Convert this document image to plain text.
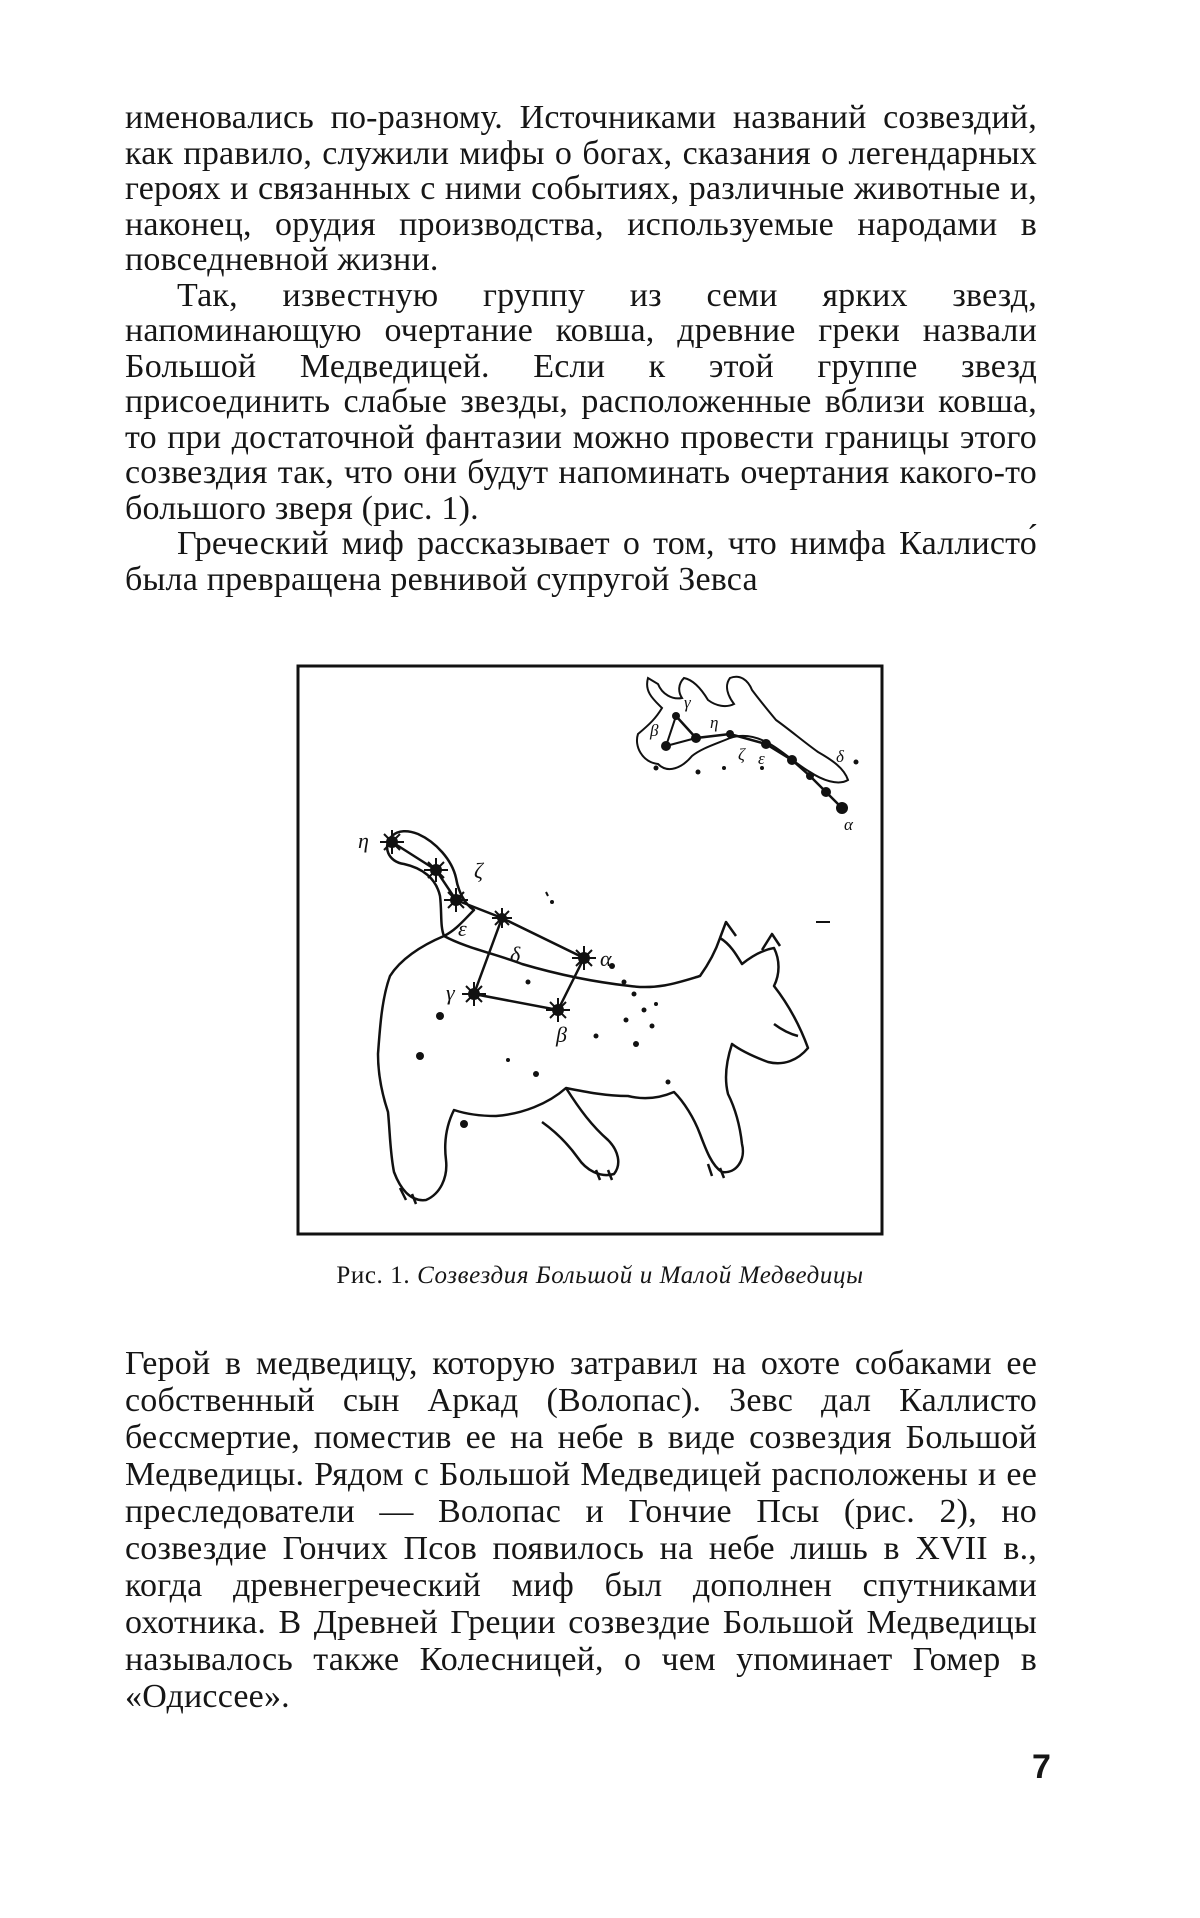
именовались по-разному. Источниками названий созвездий, как правило, служили мифы о богах, сказания о легендарных героях и связанных с ними событиях, различные животные и, наконец, орудия производства, используемые народами в повседневной жизни.

Так, известную группу из семи ярких звезд, напоминающую очертание ковша, древние греки назвали Большой Медведицей. Если к этой группе звезд присоединить слабые звезды, расположенные вблизи ковша, то при достаточной фантазии можно провести границы этого созвездия так, что они будут напоминать очертания какого-то большого зверя (рис. 1).

Греческий миф рассказывает о том, что нимфа Каллисто́ была превращена ревнивой супругой Зевса

γ
β	η
ζ ε	δ
α
η
ζ
ε
δ	α
γ
β
Рис. 1. Созвездия Большой и Малой Медведицы

Герой в медведицу, которую затравил на охоте собаками ее собственный сын Аркад (Волопас). Зевс дал Каллисто бессмертие, поместив ее на небе в виде созвездия Большой Медведицы. Рядом с Большой Медведицей расположены и ее преследователи — Волопас и Гончие Псы (рис. 2), но созвездие Гончих Псов появилось на небе лишь в XVII в., когда древнегреческий миф был дополнен спутниками охотника. В Древней Греции созвездие Большой Медведицы называлось также Колесницей, о чем упоминает Гомер в «Одиссее».

7
